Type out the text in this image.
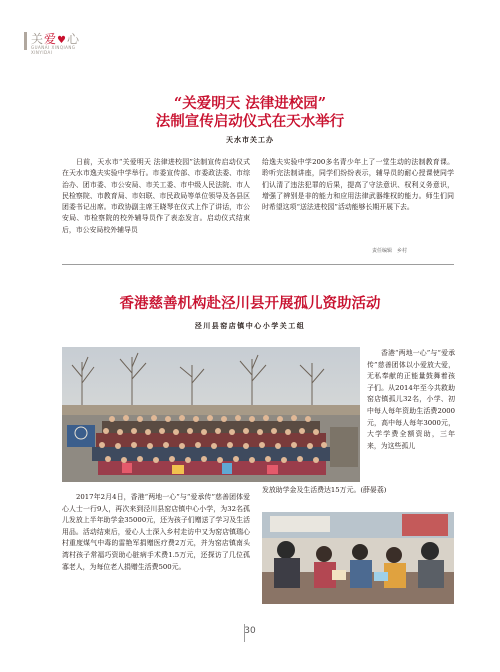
关爱♥心
GUANAI XINQIANG
XINYIDAI
“关爱明天 法律进校园”
法制宣传启动仪式在天水举行
天水市关工办

日前，天水市“关爱明天 法律进校园”法制宣传启动仪式在天水市逸夫实验中学举行。市委宣传部、市委政法委、市综治办、团市委、市公安局、市关工委、市中级人民法院、市人民检察院、市教育局、市妇联、市民政局等单位领导及各县区团委书记出席。市政协副主席王晓琴在仪式上作了讲话，市公安局、市检察院的校外辅导员作了表态发言。启动仪式结束后，市公安局校外辅导员

给逸夫实验中学200多名青少年上了一堂生动的法制教育课。聆听完法制讲座，同学们纷纷表示，辅导员的耐心授课使同学们认清了违法犯罪的后果，提高了守法意识、权利义务意识，增强了辨别是非的能力和应用法律武器维权的能力。师生们同时希望这项“送法进校园”活动能够长期开展下去。

责任编辑　乡村
香港慈善机构赴泾川县开展孤儿资助活动
泾川县窑店镇中心小学关工组

香港“两地一心”与“爱承传”慈善团体以小爱放大爱，无私奉献的正能量鼓舞着孩子们。从2014年至今共救助窑店镇孤儿32名，小学、初中每人每年资助生活费2000元，高中每人每年3000元，大学学费全额资助，三年来，为这些孤儿

发放助学金及生活费达15万元。(薛晏荔)

2017年2月4日，香港“两地一心”与“爱承传”慈善团体爱心人士一行9人，再次来到泾川县窑店镇中心小学，为32名孤儿发放上半年助学金35000元，还为孩子们赠送了学习及生活用品。活动结束后，爱心人士深入乡村走访中又为窑店镇瑞心村重度煤气中毒的雷艳军捐赠医疗费2万元，并为窑店镇南头湾村孩子常福巧资助心脏病手术费1.5万元，还探访了几位孤寡老人，为每位老人捐赠生活费500元。

30
